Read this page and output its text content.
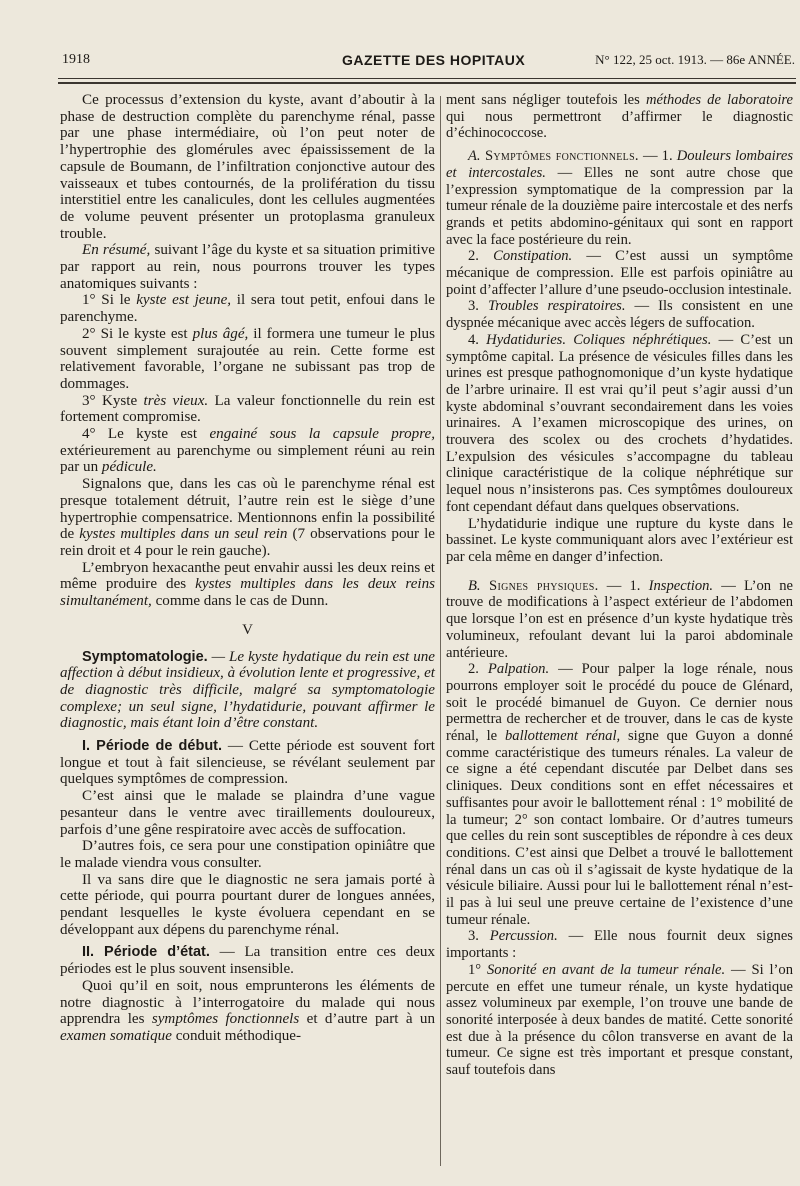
1918	GAZETTE DES HOPITAUX	N° 122, 25 oct. 1913. — 86e ANNÉE.

Ce processus d’extension du kyste, avant d’aboutir à la phase de destruction complète du parenchyme rénal, passe par une phase intermédiaire, où l’on peut noter de l’hypertrophie des glomérules avec épaississement de la capsule de Boumann, de l’infiltration conjonctive autour des vaisseaux et tubes contournés, de la prolifération du tissu interstitiel entre les canalicules, dont les cellules augmentées de volume peuvent présenter un protoplasma granuleux trouble.

En résumé, suivant l’âge du kyste et sa situation primitive par rapport au rein, nous pourrons trouver les types anatomiques suivants :

1° Si le kyste est jeune, il sera tout petit, enfoui dans le parenchyme.

2° Si le kyste est plus âgé, il formera une tumeur le plus souvent simplement surajoutée au rein. Cette forme est relativement favorable, l’organe ne subissant pas trop de dommages.

3° Kyste très vieux. La valeur fonctionnelle du rein est fortement compromise.

4° Le kyste est engainé sous la capsule propre, extérieurement au parenchyme ou simplement réuni au rein par un pédicule.

Signalons que, dans les cas où le parenchyme rénal est presque totalement détruit, l’autre rein est le siège d’une hypertrophie compensatrice. Mentionnons enfin la possibilité de kystes multiples dans un seul rein (7 observations pour le rein droit et 4 pour le rein gauche).

L’embryon hexacanthe peut envahir aussi les deux reins et même produire des kystes multiples dans les deux reins simultanément, comme dans le cas de Dunn.

V

Symptomatologie. — Le kyste hydatique du rein est une affection à début insidieux, à évolution lente et progressive, et de diagnostic très difficile, malgré sa symptomatologie complexe; un seul signe, l’hydatidurie, pouvant affirmer le diagnostic, mais étant loin d’être constant.

I. Période de début. — Cette période est souvent fort longue et tout à fait silencieuse, se révélant seulement par quelques symptômes de compression.

C’est ainsi que le malade se plaindra d’une vague pesanteur dans le ventre avec tiraillements douloureux, parfois d’une gêne respiratoire avec accès de suffocation.

D’autres fois, ce sera pour une constipation opiniâtre que le malade viendra vous consulter.

Il va sans dire que le diagnostic ne sera jamais porté à cette période, qui pourra pourtant durer de longues années, pendant lesquelles le kyste évoluera cependant en se développant aux dépens du parenchyme rénal.

II. Période d’état. — La transition entre ces deux périodes est le plus souvent insensible.

Quoi qu’il en soit, nous emprunterons les éléments de notre diagnostic à l’interrogatoire du malade qui nous apprendra les symptômes fonctionnels et d’autre part à un examen somatique conduit méthodique-

ment sans négliger toutefois les méthodes de laboratoire qui nous permettront d’affirmer le diagnostic d’échinococcose.

A. Symptômes fonctionnels. — 1. Douleurs lombaires et intercostales. — Elles ne sont autre chose que l’expression symptomatique de la compression par la tumeur rénale de la douzième paire intercostale et des nerfs grands et petits abdomino-génitaux qui sont en rapport avec la face postérieure du rein.

2. Constipation. — C’est aussi un symptôme mécanique de compression. Elle est parfois opiniâtre au point d’affecter l’allure d’une pseudo-occlusion intestinale.

3. Troubles respiratoires. — Ils consistent en une dyspnée mécanique avec accès légers de suffocation.

4. Hydatiduries. Coliques néphrétiques. — C’est un symptôme capital. La présence de vésicules filles dans les urines est presque pathognomonique d’un kyste hydatique de l’arbre urinaire. Il est vrai qu’il peut s’agir aussi d’un kyste abdominal s’ouvrant secondairement dans les voies urinaires. A l’examen microscopique des urines, on trouvera des scolex ou des crochets d’hydatides. L’expulsion des vésicules s’accompagne du tableau clinique caractéristique de la colique néphrétique sur lequel nous n’insisterons pas. Ces symptômes douloureux font cependant défaut dans quelques observations.

L’hydatidurie indique une rupture du kyste dans le bassinet. Le kyste communiquant alors avec l’extérieur est par cela même en danger d’infection.

B. Signes physiques. — 1. Inspection. — L’on ne trouve de modifications à l’aspect extérieur de l’abdomen que lorsque l’on est en présence d’un kyste hydatique très volumineux, refoulant devant lui la paroi abdominale antérieure.

2. Palpation. — Pour palper la loge rénale, nous pourrons employer soit le procédé du pouce de Glénard, soit le procédé bimanuel de Guyon. Ce dernier nous permettra de rechercher et de trouver, dans le cas de kyste rénal, le ballottement rénal, signe que Guyon a donné comme caractéristique des tumeurs rénales. La valeur de ce signe a été cependant discutée par Delbet dans ses cliniques. Deux conditions sont en effet nécessaires et suffisantes pour avoir le ballottement rénal : 1° mobilité de la tumeur; 2° son contact lombaire. Or d’autres tumeurs que celles du rein sont susceptibles de répondre à ces deux conditions. C’est ainsi que Delbet a trouvé le ballottement rénal dans un cas où il s’agissait de kyste hydatique de la vésicule biliaire. Aussi pour lui le ballottement rénal n’est-il pas à lui seul une preuve certaine de l’existence d’une tumeur rénale.

3. Percussion. — Elle nous fournit deux signes importants :

1° Sonorité en avant de la tumeur rénale. — Si l’on percute en effet une tumeur rénale, un kyste hydatique assez volumineux par exemple, l’on trouve une bande de sonorité interposée à deux bandes de matité. Cette sonorité est due à la présence du côlon transverse en avant de la tumeur. Ce signe est très important et presque constant, sauf toutefois dans
